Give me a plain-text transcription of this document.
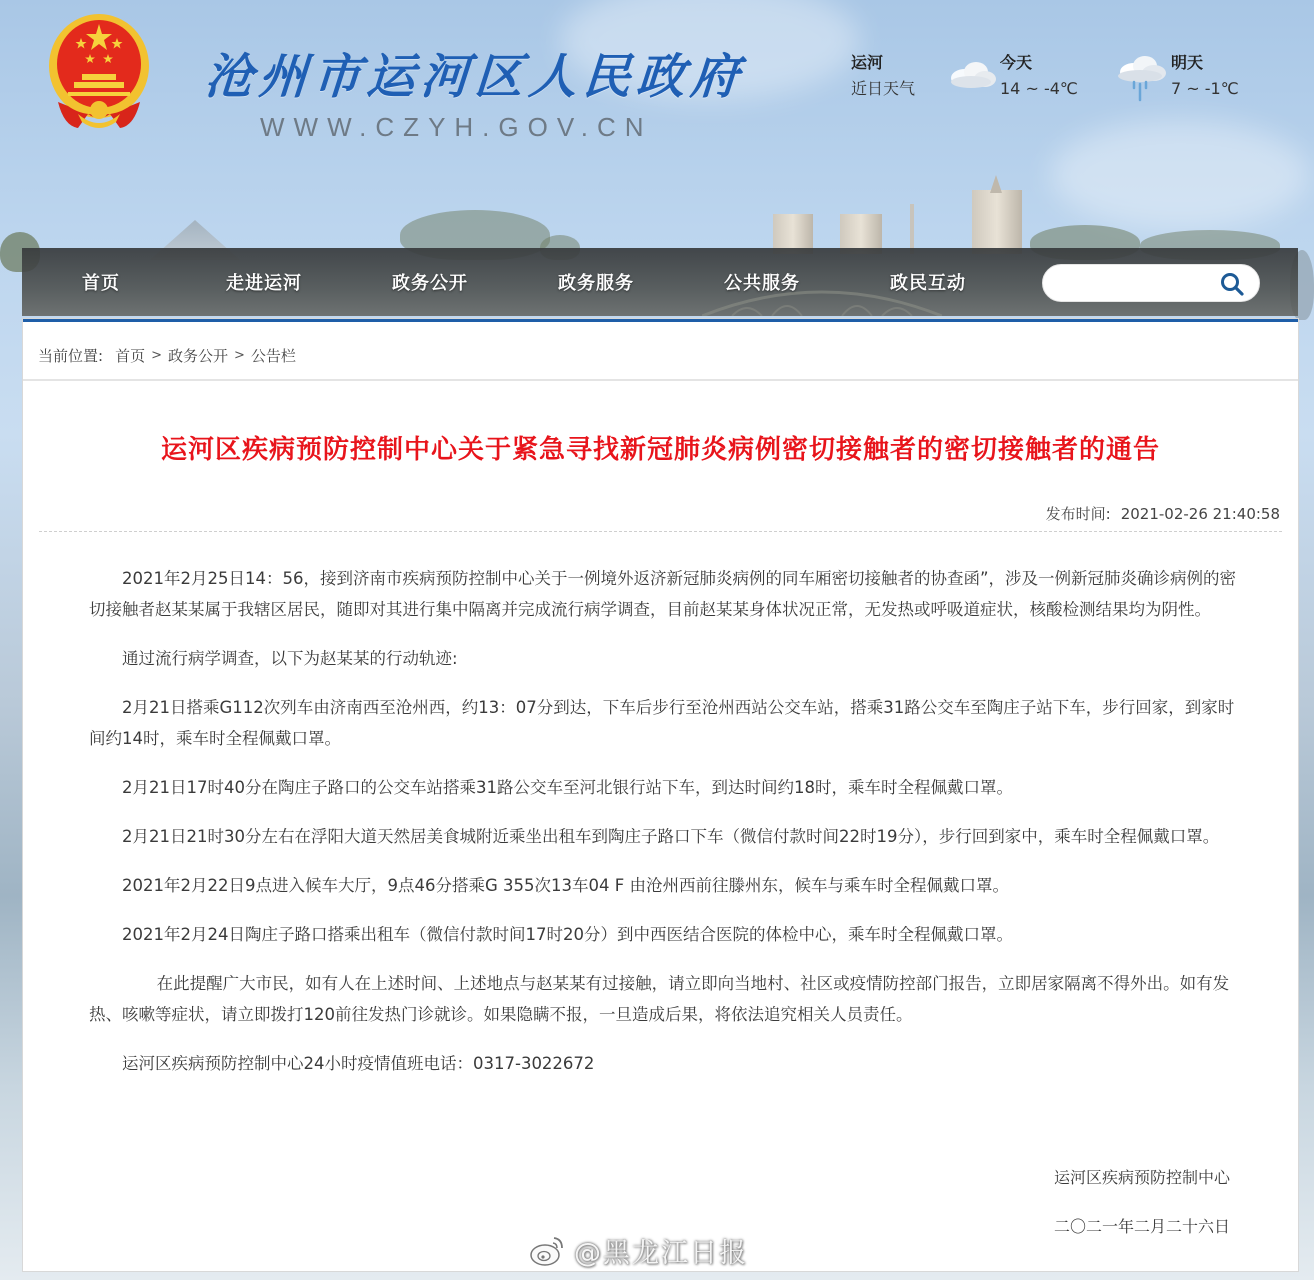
沧州市运河区人民政府
WWW.CZYH.GOV.CN
运河
近日天气
今天
14 ~ -4℃
明天
7 ~ -1℃
首页	走进运河	政务公开	政务服务	公共服务	政民互动
当前位置: 首页 > 政务公开 > 公告栏
运河区疾病预防控制中心关于紧急寻找新冠肺炎病例密切接触者的密切接触者的通告
发布时间: 2021-02-26 21:40:58

2021年2月25日14：56，接到济南市疾病预防控制中心关于一例境外返济新冠肺炎病例的同车厢密切接触者的协查函”，涉及一例新冠肺炎确诊病例的密切接触者赵某某属于我辖区居民，随即对其进行集中隔离并完成流行病学调查，目前赵某某身体状况正常，无发热或呼吸道症状，核酸检测结果均为阴性。

通过流行病学调查，以下为赵某某的行动轨迹:

2月21日搭乘G112次列车由济南西至沧州西，约13：07分到达，下车后步行至沧州西站公交车站，搭乘31路公交车至陶庄子站下车，步行回家，到家时间约14时，乘车时全程佩戴口罩。

2月21日17时40分在陶庄子路口的公交车站搭乘31路公交车至河北银行站下车，到达时间约18时，乘车时全程佩戴口罩。

2月21日21时30分左右在浮阳大道天然居美食城附近乘坐出租车到陶庄子路口下车（微信付款时间22时19分），步行回到家中，乘车时全程佩戴口罩。

2021年2月22日9点进入候车大厅，9点46分搭乘G 355次13车04 F 由沧州西前往滕州东，候车与乘车时全程佩戴口罩。

2021年2月24日陶庄子路口搭乘出租车（微信付款时间17时20分）到中西医结合医院的体检中心，乘车时全程佩戴口罩。

在此提醒广大市民，如有人在上述时间、上述地点与赵某某有过接触，请立即向当地村、社区或疫情防控部门报告，立即居家隔离不得外出。如有发热、咳嗽等症状，请立即拨打120前往发热门诊就诊。如果隐瞒不报，一旦造成后果，将依法追究相关人员责任。

运河区疾病预防控制中心24小时疫情值班电话：0317-3022672

运河区疾病预防控制中心
二〇二一年二月二十六日
@黑龙江日报
